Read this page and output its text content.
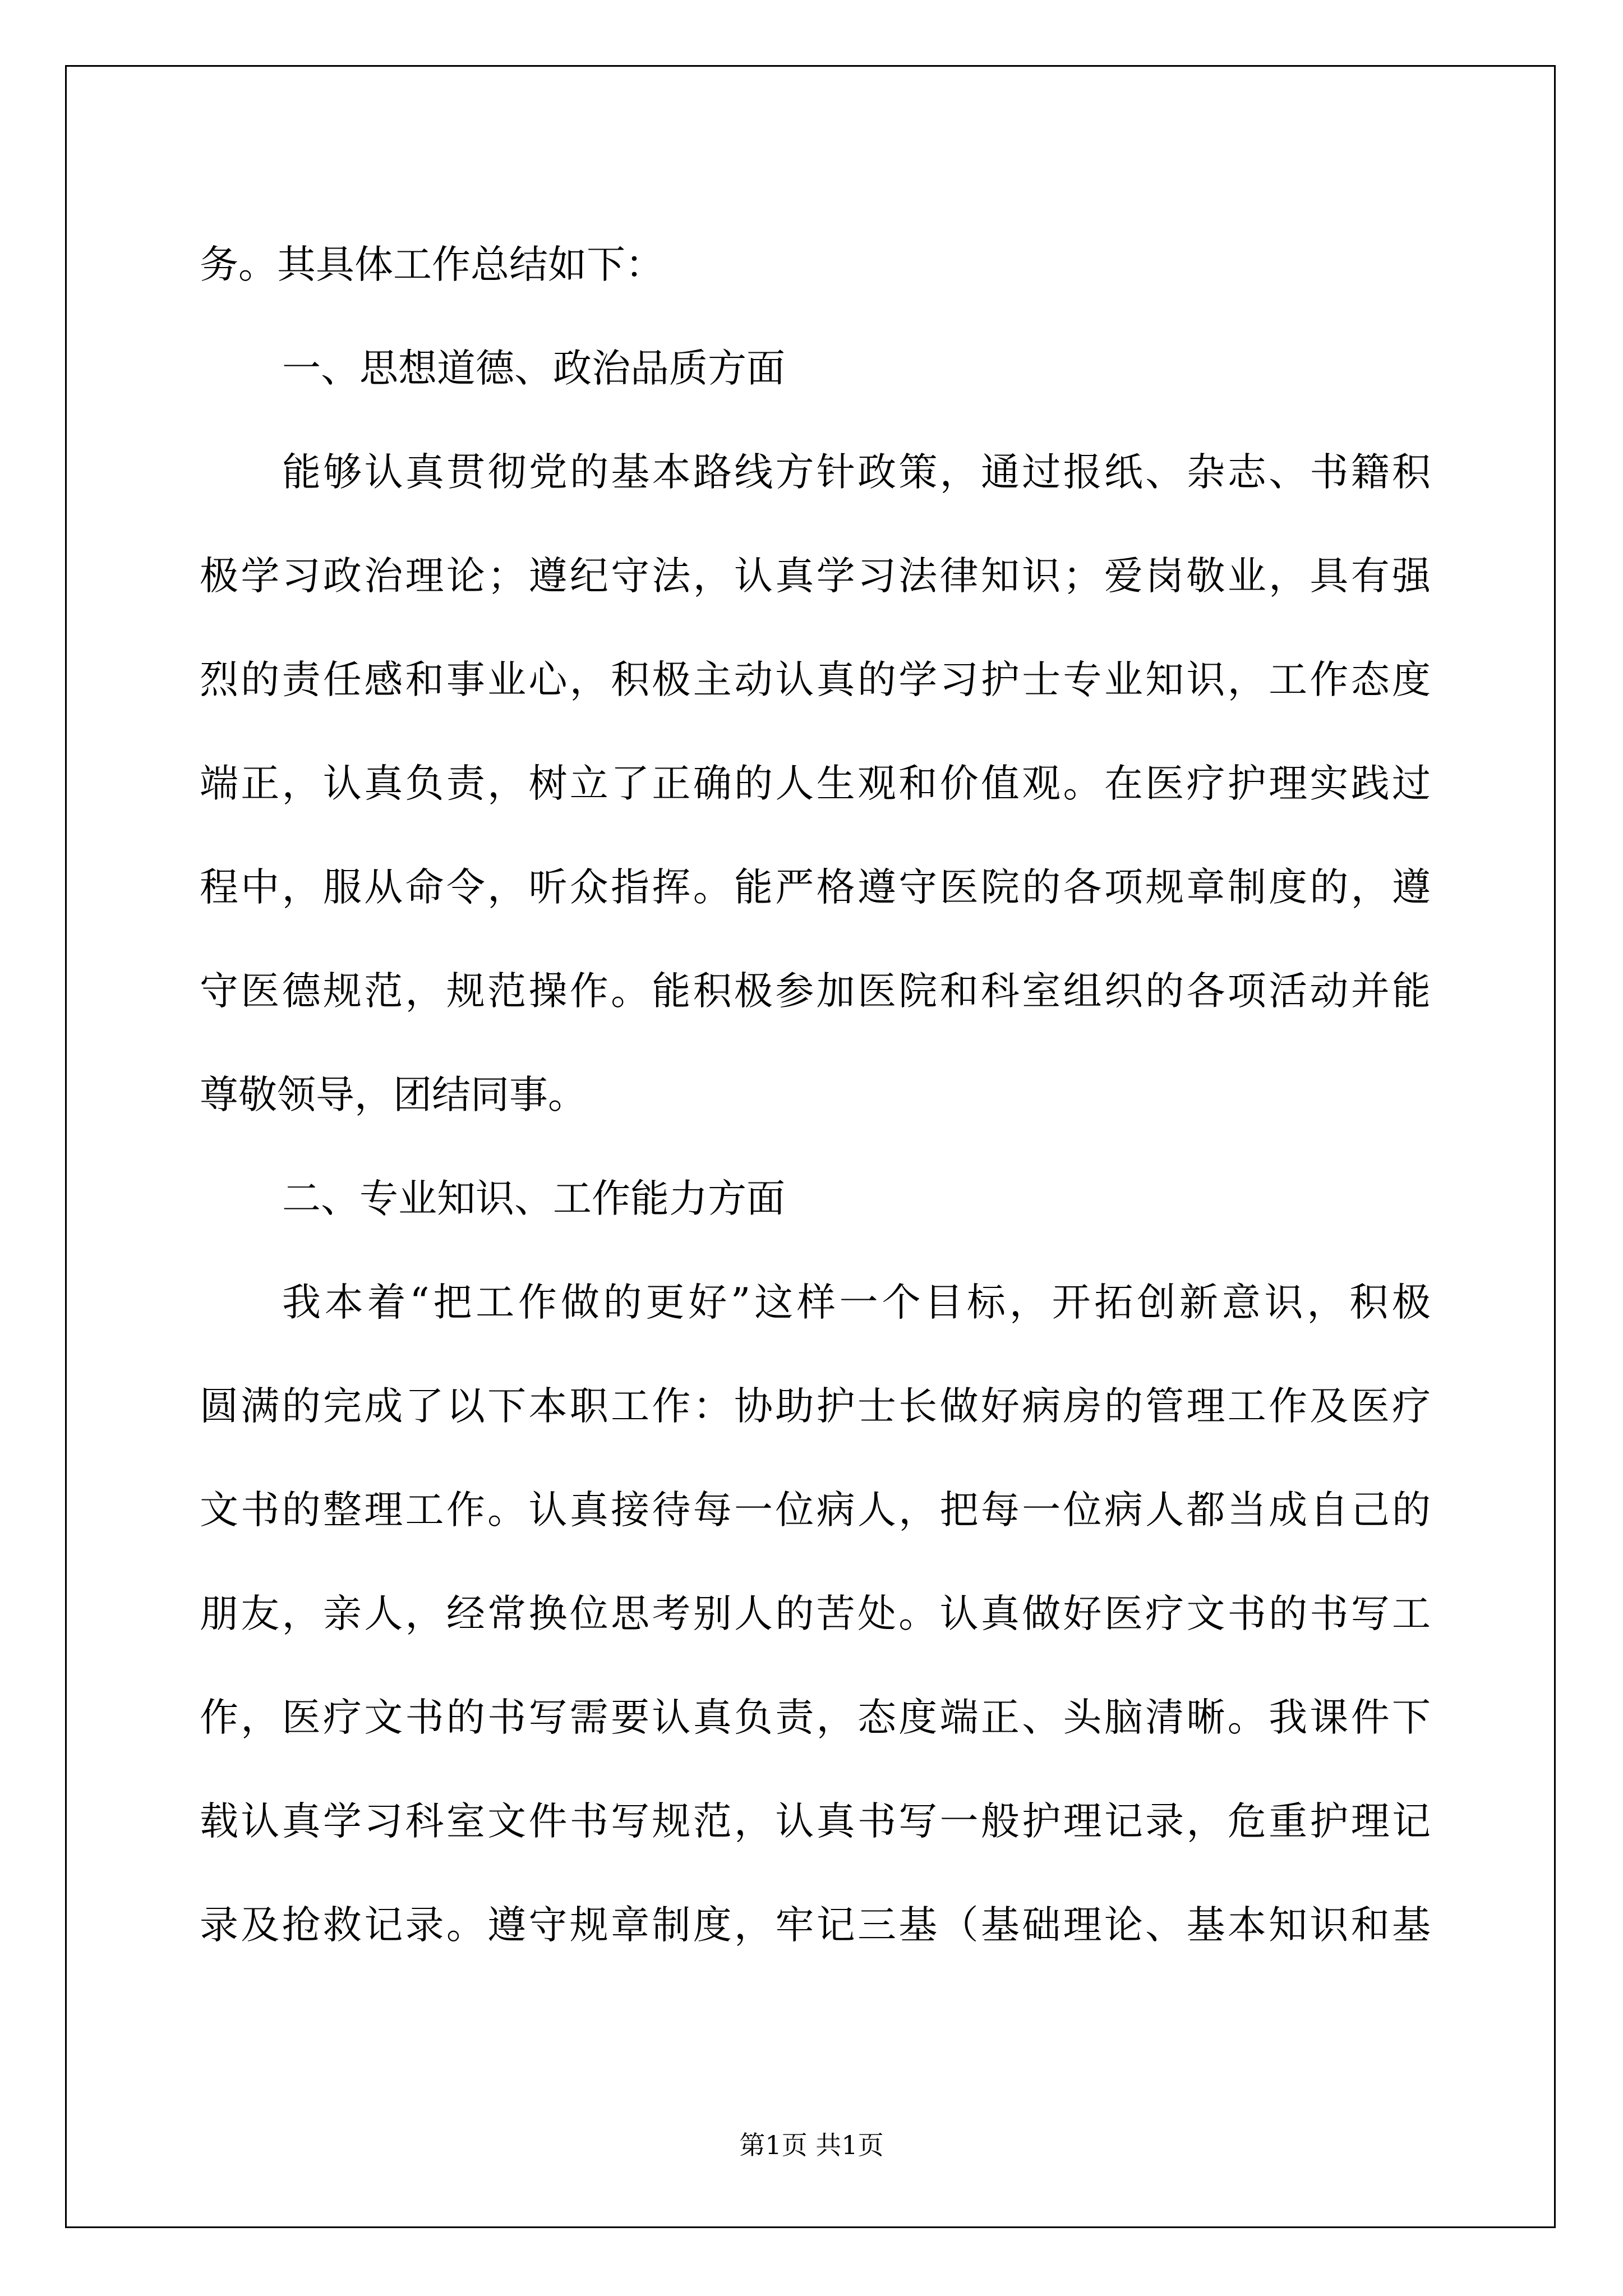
务。其具体工作总结如下：
一、思想道德、政治品质方面
能够认真贯彻党的基本路线方针政策，通过报纸、杂志、书籍积
极学习政治理论；遵纪守法，认真学习法律知识；爱岗敬业，具有强
烈的责任感和事业心，积极主动认真的学习护士专业知识，工作态度
端正，认真负责，树立了正确的人生观和价值观。在医疗护理实践过
程中，服从命令，听众指挥。能严格遵守医院的各项规章制度的，遵
守医德规范，规范操作。能积极参加医院和科室组织的各项活动并能
尊敬领导，团结同事。
二、专业知识、工作能力方面
我本着“把工作做的更好”这样一个目标，开拓创新意识，积极
圆满的完成了以下本职工作：协助护士长做好病房的管理工作及医疗
文书的整理工作。认真接待每一位病人，把每一位病人都当成自己的
朋友，亲人，经常换位思考别人的苦处。认真做好医疗文书的书写工
作，医疗文书的书写需要认真负责，态度端正、头脑清晰。我课件下
载认真学习科室文件书写规范，认真书写一般护理记录，危重护理记
录及抢救记录。遵守规章制度，牢记三基（基础理论、基本知识和基
第1页 共1页
